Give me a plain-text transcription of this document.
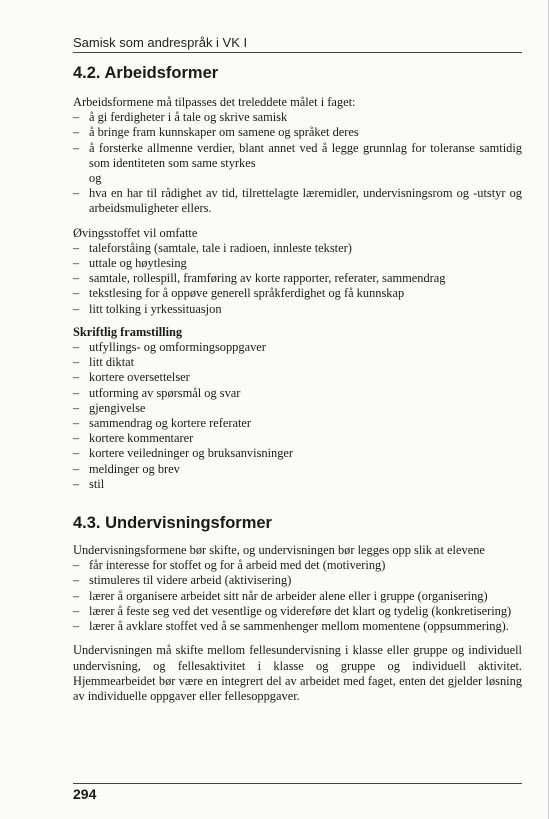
Samisk som andrespråk i VK I
4.2. Arbeidsformer

Arbeidsformene må tilpasses det treleddete målet i faget:

– å gi ferdigheter i å tale og skrive samisk
– å bringe fram kunnskaper om samene og språket deres
– å forsterke allmenne verdier, blant annet ved å legge grunnlag for toleranse samtidig som identiteten som same styrkes

og

– hva en har til rådighet av tid, tilrettelagte læremidler, undervisningsrom og -utstyr og arbeidsmuligheter ellers.

Øvingsstoffet vil omfatte

– taleforståing (samtale, tale i radioen, innleste tekster)
– uttale og høytlesing
– samtale, rollespill, framføring av korte rapporter, referater, sammendrag
– tekstlesing for å oppøve generell språkferdighet og få kunnskap
– litt tolking i yrkessituasjon

Skriftlig framstilling

– utfyllings- og omformingsoppgaver
– litt diktat
– kortere oversettelser
– utforming av spørsmål og svar
– gjengivelse
– sammendrag og kortere referater
– kortere kommentarer
– kortere veiledninger og bruksanvisninger
– meldinger og brev
– stil
4.3. Undervisningsformer

Undervisningsformene bør skifte, og undervisningen bør legges opp slik at elevene

– får interesse for stoffet og for å arbeid med det (motivering)
– stimuleres til videre arbeid (aktivisering)
– lærer å organisere arbeidet sitt når de arbeider alene eller i gruppe (organisering)
– lærer å feste seg ved det vesentlige og videreføre det klart og tydelig (konkretisering)
– lærer å avklare stoffet ved å se sammenhenger mellom momentene (oppsummering).

Undervisningen må skifte mellom fellesundervisning i klasse eller gruppe og individuell undervisning, og fellesaktivitet i klasse og gruppe og individuell aktivitet. Hjemmearbeidet bør være en integrert del av arbeidet med faget, enten det gjelder løsning av individuelle oppgaver eller fellesoppgaver.

294
